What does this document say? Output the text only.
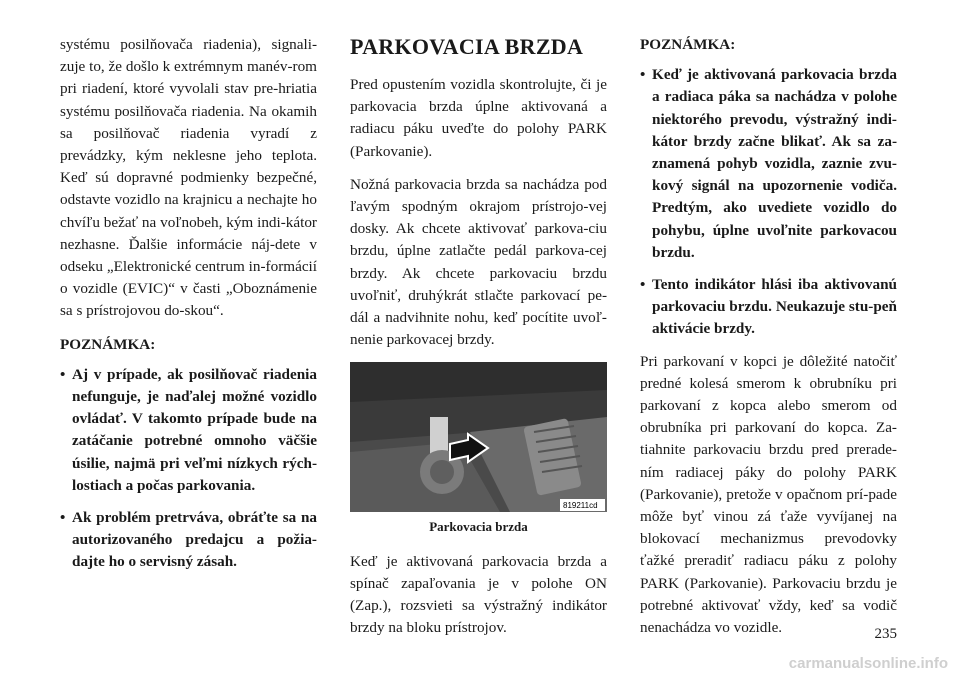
systému posilňovača riadenia), signali-zuje to, že došlo k extrémnym manév-rom pri riadení, ktoré vyvolali stav pre-hriatia systému posilňovača riadenia. Na okamih sa posilňovač riadenia vyradí z prevádzky, kým neklesne jeho teplota. Keď sú dopravné podmienky bezpečné, odstavte vozidlo na krajnicu a nechajte ho chvíľu bežať na voľnobeh, kým indi-kátor nezhasne. Ďalšie informácie náj-dete v odseku „Elektronické centrum in-formácií o vozidle (EVIC)“ v časti „Oboznámenie sa s prístrojovou do-skou“.

POZNÁMKA:

• Aj v prípade, ak posilňovač riadenia nefunguje, je naďalej možné vozidlo ovládať. V takomto prípade bude na zatáčanie potrebné omnoho väčšie úsilie, najmä pri veľmi nízkych rých-lostiach a počas parkovania.
• Ak problém pretrváva, obráťte sa na autorizovaného predajcu a požia-dajte ho o servisný zásah.
PARKOVACIA BRZDA

Pred opustením vozidla skontrolujte, či je parkovacia brzda úplne aktivovaná a radiacu páku uveďte do polohy PARK (Parkovanie).

Nožná parkovacia brzda sa nachádza pod ľavým spodným okrajom prístrojo-vej dosky. Ak chcete aktivovať parkova-ciu brzdu, úplne zatlačte pedál parkova-cej brzdy. Ak chcete parkovaciu brzdu uvoľniť, druhýkrát stlačte parkovací pe-dál a nadvihnite nohu, keď pocítite uvoľ-nenie parkovacej brzdy.

819211cd
Parkovacia brzda

Keď je aktivovaná parkovacia brzda a spínač zapaľovania je v polohe ON (Zap.), rozsvieti sa výstražný indikátor brzdy na bloku prístrojov.

POZNÁMKA:

• Keď je aktivovaná parkovacia brzda a radiaca páka sa nachádza v polohe niektorého prevodu, výstražný indi-kátor brzdy začne blikať. Ak sa za-znamená pohyb vozidla, zaznie zvu-kový signál na upozornenie vodiča. Predtým, ako uvediete vozidlo do pohybu, úplne uvoľnite parkovacou brzdu.
• Tento indikátor hlási iba aktivovanú parkovaciu brzdu. Neukazuje stu-peň aktivácie brzdy.

Pri parkovaní v kopci je dôležité natočiť predné kolesá smerom k obrubníku pri parkovaní z kopca alebo smerom od obrubníka pri parkovaní do kopca. Za-tiahnite parkovaciu brzdu pred prerade-ním radiacej páky do polohy PARK (Parkovanie), pretože v opačnom prí-pade môže byť vinou zá ťaže vyvíjanej na blokovací mechanizmus prevodovky ťažké preradiť radiacu páku z polohy PARK (Parkovanie). Parkovaciu brzdu je potrebné aktivovať vždy, keď sa vodič nenachádza vo vozidle.	235
carmanualsonline.info
